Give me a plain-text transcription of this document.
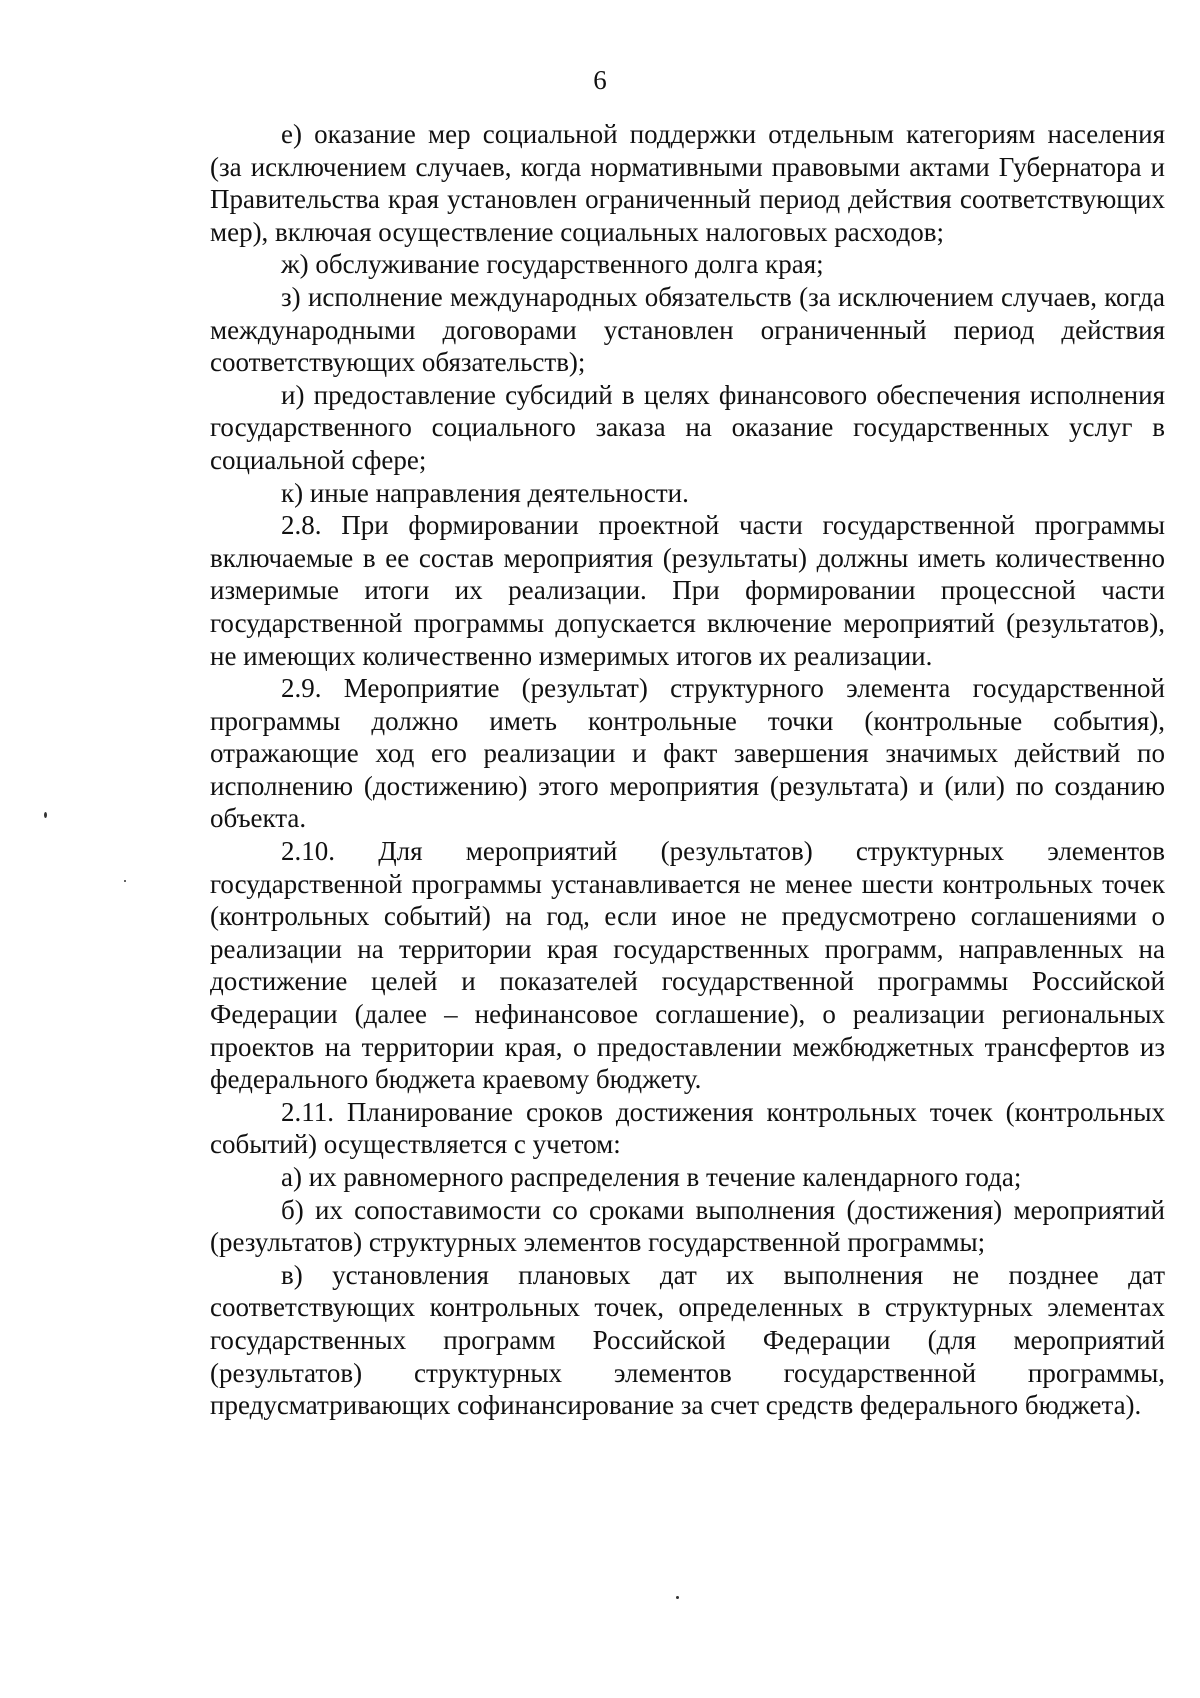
6

е) оказание мер социальной поддержки отдельным категориям населения (за исключением случаев, когда нормативными правовыми актами Губернатора и Правительства края установлен ограниченный период действия соответствующих мер), включая осуществление социальных налоговых расходов;

ж) обслуживание государственного долга края;

з) исполнение международных обязательств (за исключением случаев, когда международными договорами установлен ограниченный период действия соответствующих обязательств);

и) предоставление субсидий в целях финансового обеспечения исполнения государственного социального заказа на оказание государственных услуг в социальной сфере;

к) иные направления деятельности.

2.8. При формировании проектной части государственной программы включаемые в ее состав мероприятия (результаты) должны иметь количественно измеримые итоги их реализации. При формировании процессной части государственной программы допускается включение мероприятий (результатов), не имеющих количественно измеримых итогов их реализации.

2.9. Мероприятие (результат) структурного элемента государственной программы должно иметь контрольные точки (контрольные события), отражающие ход его реализации и факт завершения значимых действий по исполнению (достижению) этого мероприятия (результата) и (или) по созданию объекта.

2.10. Для мероприятий (результатов) структурных элементов государственной программы устанавливается не менее шести контрольных точек (контрольных событий) на год, если иное не предусмотрено соглашениями о реализации на территории края государственных программ, направленных на достижение целей и показателей государственной программы Российской Федерации (далее – нефинансовое соглашение), о реализации региональных проектов на территории края, о предоставлении межбюджетных трансфертов из федерального бюджета краевому бюджету.

2.11. Планирование сроков достижения контрольных точек (контрольных событий) осуществляется с учетом:

а) их равномерного распределения в течение календарного года;

б) их сопоставимости со сроками выполнения (достижения) мероприятий (результатов) структурных элементов государственной программы;

в) установления плановых дат их выполнения не позднее дат соответствующих контрольных точек, определенных в структурных элементах государственных программ Российской Федерации (для мероприятий (результатов) структурных элементов государственной программы, предусматривающих софинансирование за счет средств федерального бюджета).
